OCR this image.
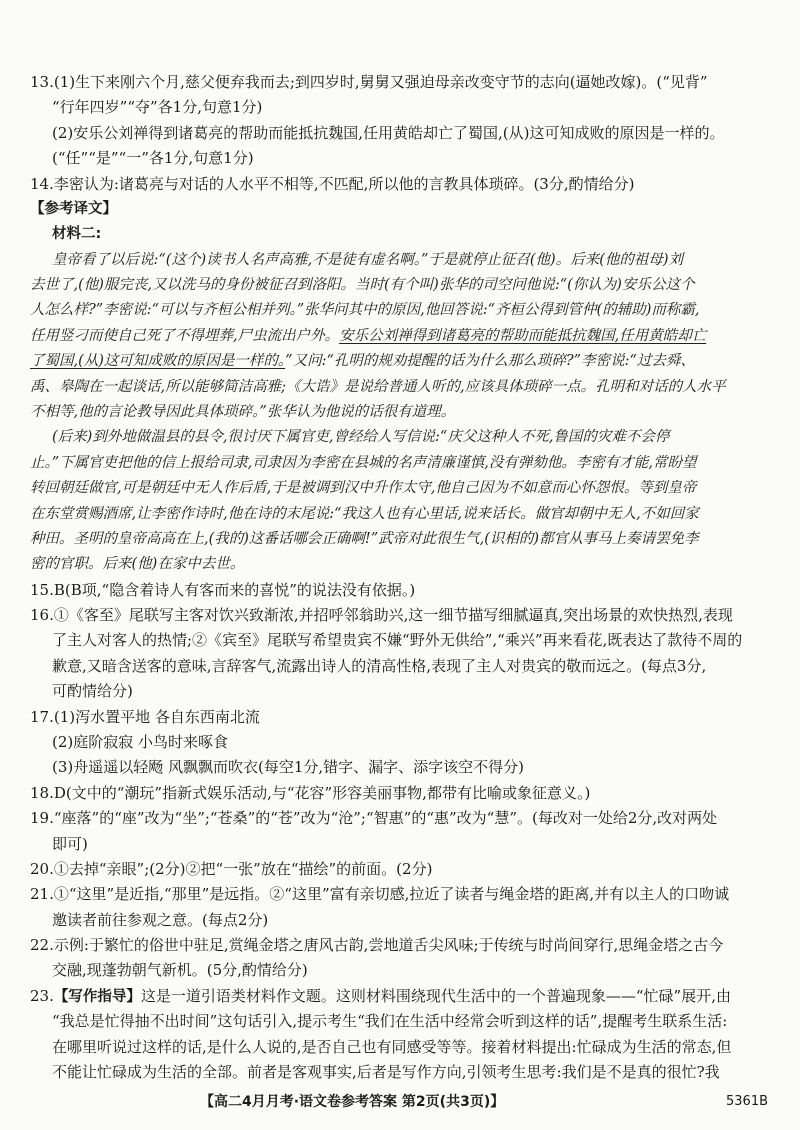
13.(1)生下来刚六个月,慈父便弃我而去;到四岁时,舅舅又强迫母亲改变守节的志向(逼她改嫁)。(“见背”
“行年四岁”“夺”各1分,句意1分)
(2)安乐公刘禅得到诸葛亮的帮助而能抵抗魏国,任用黄皓却亡了蜀国,(从)这可知成败的原因是一样的。
(“任”“是”“一”各1分,句意1分)
14.李密认为:诸葛亮与对话的人水平不相等,不匹配,所以他的言教具体琐碎。(3分,酌情给分)
【参考译文】
材料二:
皇帝看了以后说:“(这个)读书人名声高雅,不是徒有虚名啊。”于是就停止征召(他)。后来(他的祖母)刘
去世了,(他)服完丧,又以洗马的身份被征召到洛阳。当时(有个叫)张华的司空问他说:“(你认为)安乐公这个
人怎么样?”李密说:“可以与齐桓公相并列。”张华问其中的原因,他回答说:“齐桓公得到管仲(的辅助)而称霸,
任用竖刁而使自己死了不得埋葬,尸虫流出户外。安乐公刘禅得到诸葛亮的帮助而能抵抗魏国,任用黄皓却亡
了蜀国,(从)这可知成败的原因是一样的。”又问:“孔明的规劝提醒的话为什么那么琐碎?”李密说:“过去舜、
禹、皋陶在一起谈话,所以能够简洁高雅;《大诰》是说给普通人听的,应该具体琐碎一点。孔明和对话的人水平
不相等,他的言论教导因此具体琐碎。”张华认为他说的话很有道理。
(后来)到外地做温县的县令,很讨厌下属官吏,曾经给人写信说:“庆父这种人不死,鲁国的灾难不会停
止。”下属官吏把他的信上报给司隶,司隶因为李密在县城的名声清廉谨慎,没有弹劾他。李密有才能,常盼望
转回朝廷做官,可是朝廷中无人作后盾,于是被调到汉中升作太守,他自己因为不如意而心怀怨恨。等到皇帝
在东堂赏赐酒席,让李密作诗时,他在诗的末尾说:“我这人也有心里话,说来话长。做官却朝中无人,不如回家
种田。圣明的皇帝高高在上,(我的)这番话哪会正确啊!”武帝对此很生气,(识相的)都官从事马上奏请罢免李
密的官职。后来(他)在家中去世。
15.B(B项,“隐含着诗人有客而来的喜悦”的说法没有依据。)
16.①《客至》尾联写主客对饮兴致渐浓,并招呼邻翁助兴,这一细节描写细腻逼真,突出场景的欢快热烈,表现
了主人对客人的热情;②《宾至》尾联写希望贵宾不嫌“野外无供给”,“乘兴”再来看花,既表达了款待不周的
歉意,又暗含送客的意味,言辞客气,流露出诗人的清高性格,表现了主人对贵宾的敬而远之。(每点3分,
可酌情给分)
17.(1)泻水置平地 各自东西南北流
(2)庭阶寂寂 小鸟时来啄食
(3)舟遥遥以轻飏 风飘飘而吹衣(每空1分,错字、漏字、添字该空不得分)
18.D(文中的“潮玩”指新式娱乐活动,与“花容”形容美丽事物,都带有比喻或象征意义。)
19.“座落”的“座”改为“坐”;“苍桑”的“苍”改为“沧”;“智惠”的“惠”改为“慧”。(每改对一处给2分,改对两处
即可)
20.①去掉“亲眼”;(2分)②把“一张”放在“描绘”的前面。(2分)
21.①“这里”是近指,“那里”是远指。②“这里”富有亲切感,拉近了读者与绳金塔的距离,并有以主人的口吻诚
邀读者前往参观之意。(每点2分)
22.示例:于繁忙的俗世中驻足,赏绳金塔之唐风古韵,尝地道舌尖风味;于传统与时尚间穿行,思绳金塔之古今
交融,现蓬勃朝气新机。(5分,酌情给分)
23.【写作指导】这是一道引语类材料作文题。这则材料围绕现代生活中的一个普遍现象——“忙碌”展开,由
“我总是忙得抽不出时间”这句话引入,提示考生“我们在生活中经常会听到这样的话”,提醒考生联系生活:
在哪里听说过这样的话,是什么人说的,是否自己也有同感受等等。接着材料提出:忙碌成为生活的常态,但
不能让忙碌成为生活的全部。前者是客观事实,后者是写作方向,引领考生思考:我们是不是真的很忙?我
【高二4月月考·语文卷参考答案 第2页(共3页)】	5361B
